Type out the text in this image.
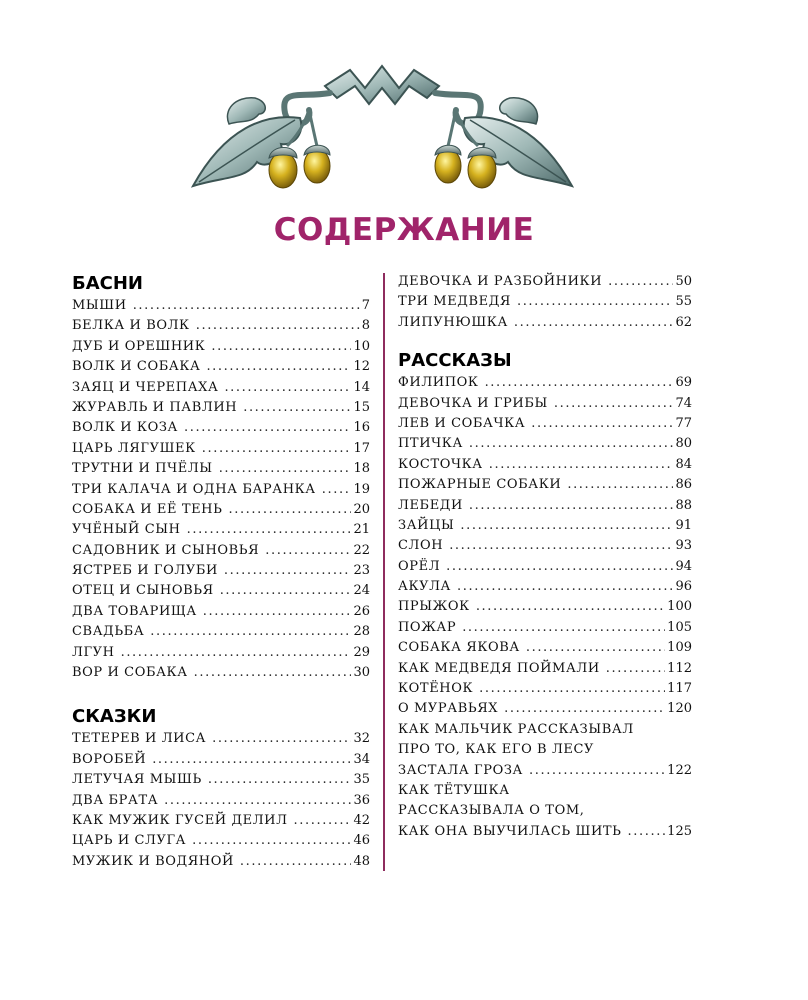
СОДЕРЖАНИЕ
БАСНИ
МЫШИ .....	7
БЕЛКА И ВОЛК .....	8
ДУБ И ОРЕШНИК .....	10
ВОЛК И СОБАКА .....	12
ЗАЯЦ И ЧЕРЕПАХА .....	14
ЖУРАВЛЬ И ПАВЛИН .....	15
ВОЛК И КОЗА .....	16
ЦАРЬ ЛЯГУШЕК .....	17
ТРУТНИ И ПЧЁЛЫ .....	18
ТРИ КАЛАЧА И ОДНА БАРАНКА .....	19
СОБАКА И ЕЁ ТЕНЬ .....	20
УЧЁНЫЙ СЫН .....	21
САДОВНИК И СЫНОВЬЯ .....	22
ЯСТРЕБ И ГОЛУБИ .....	23
ОТЕЦ И СЫНОВЬЯ .....	24
ДВА ТОВАРИЩА .....	26
СВАДЬБА .....	28
ЛГУН .....	29
ВОР И СОБАКА .....	30
СКАЗКИ
ТЕТЕРЕВ И ЛИСА .....	32
ВОРОБЕЙ .....	34
ЛЕТУЧАЯ МЫШЬ .....	35
ДВА БРАТА .....	36
КАК МУЖИК ГУСЕЙ ДЕЛИЛ .....	42
ЦАРЬ И СЛУГА .....	46
МУЖИК И ВОДЯНОЙ .....	48
ДЕВОЧКА И РАЗБОЙНИКИ .....	50
ТРИ МЕДВЕДЯ .....	55
ЛИПУНЮШКА .....	62
РАССКАЗЫ
ФИЛИПОК .....	69
ДЕВОЧКА И ГРИБЫ .....	74
ЛЕВ И СОБАЧКА .....	77
ПТИЧКА .....	80
КОСТОЧКА .....	84
ПОЖАРНЫЕ СОБАКИ .....	86
ЛЕБЕДИ .....	88
ЗАЙЦЫ .....	91
СЛОН .....	93
ОРЁЛ .....	94
АКУЛА .....	96
ПРЫЖОК .....	100
ПОЖАР .....	105
СОБАКА ЯКОВА .....	109
КАК МЕДВЕДЯ ПОЙМАЛИ .....	112
КОТЁНОК .....	117
О МУРАВЬЯХ .....	120
КАК МАЛЬЧИК РАССКАЗЫВАЛ
ПРО ТО, КАК ЕГО В ЛЕСУ
ЗАСТАЛА ГРОЗА .....	122
КАК ТЁТУШКА
РАССКАЗЫВАЛА О ТОМ,
КАК ОНА ВЫУЧИЛАСЬ ШИТЬ .....	125
